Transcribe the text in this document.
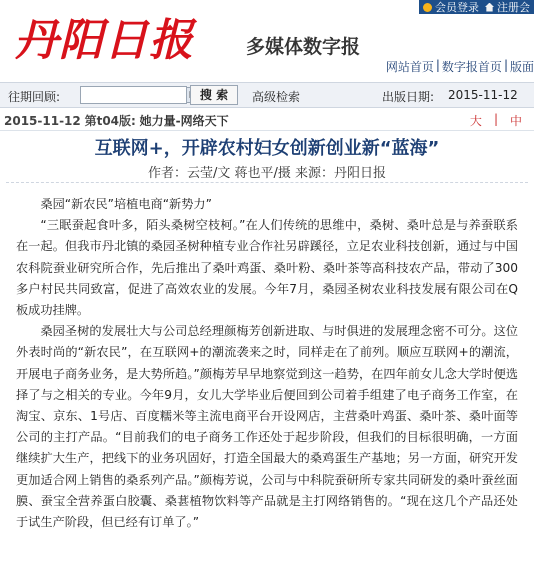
丹阳日报	多媒体数字报
会员登录 注册会
网站首页 | 数字报首页 | 版面
往期回顾:	搜 索	高级检索	出版日期: 2015-11-12
2015-11-12 第t04版: 她力量-网络天下	大 | 中
互联网+，开辟农村妇女创新创业新“蓝海”
作者：云莹/文 蒋也平/摄 来源：丹阳日报

桑园“新农民”培植电商“新势力”

“三眠蚕起食叶多，陌头桑树空枝柯。”在人们传统的思维中，桑树、桑叶总是与养蚕联系在一起。但我市丹北镇的桑园圣树种植专业合作社另辟蹊径，立足农业科技创新，通过与中国农科院蚕业研究所合作，先后推出了桑叶鸡蛋、桑叶粉、桑叶茶等高科技农产品，带动了300多户村民共同致富，促进了高效农业的发展。今年7月，桑园圣树农业科技发展有限公司在Q板成功挂牌。

桑园圣树的发展壮大与公司总经理颜梅芳创新进取、与时俱进的发展理念密不可分。这位外表时尚的“新农民”，在互联网+的潮流袭来之时，同样走在了前列。顺应互联网+的潮流，开展电子商务业务，是大势所趋。”颜梅芳早早地察觉到这一趋势，在四年前女儿念大学时便选择了与之相关的专业。今年9月，女儿大学毕业后便回到公司着手组建了电子商务工作室，在淘宝、京东、1号店、百度糯米等主流电商平台开设网店，主营桑叶鸡蛋、桑叶茶、桑叶面等公司的主打产品。“目前我们的电子商务工作还处于起步阶段，但我们的目标很明确，一方面继续扩大生产，把线下的业务巩固好，打造全国最大的桑鸡蛋生产基地；另一方面，研究开发更加适合网上销售的桑系列产品。”颜梅芳说，公司与中科院蚕研所专家共同研发的桑叶蚕丝面膜、蚕宝全营养蛋白胶囊、桑葚植物饮料等产品就是主打网络销售的。“现在这几个产品还处于试生产阶段，但已经有订单了。”
